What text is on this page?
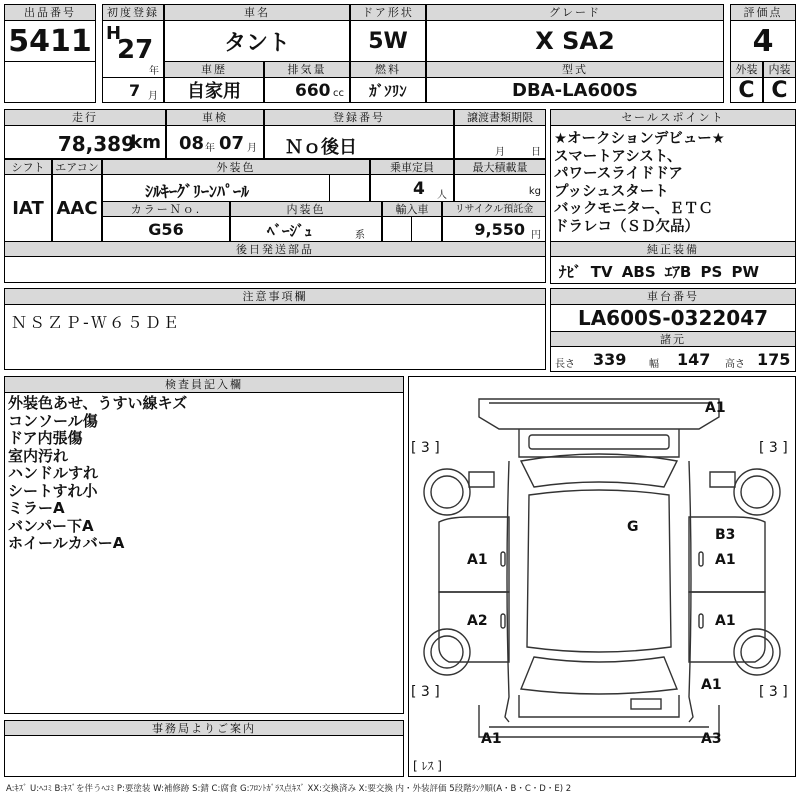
出品番号
5411
初度登録
H
27
年
7 月
車名
タント
ドア形状
5W
グレード
X SA2
評価点
4
外装	内装
C C
車歴
自家用
排気量
660 cc
燃料
ｶﾞｿﾘﾝ
型式
DBA-LA600S
走行
78,389
km
車検
08 年 07 月
登録番号
Ｎｏ後日
譲渡書類期限
月	日
シフト
IAT
エアコン
AAC
外装色
ｼﾙｷｰｸﾞﾘｰﾝﾊﾟｰﾙ
乗車定員
4 人
最大積載量
kg
カラーＮｏ.
G56
内装色
ﾍﾞｰｼﾞｭ	系
輸入車	リサイクル預託金
9,550 円
後日発送部品
セールスポイント
★オークションデビュー★
スマートアシスト、
パワースライドドア
プッシュスタート
バックモニター、ＥＴＣ
ドラレコ（ＳＤ欠品）
純正装備
ﾅﾋﾞ TV ABS ｴｱB PS PW
注意事項欄
ＮＳＺＰ-Ｗ６５ＤＥ
車台番号
LA600S-0322047
諸元
長さ 339 幅 147 高さ 175
検査員記入欄
外装色あせ、うすい線キズ
コンソール傷
ドア内張傷
室内汚れ
ハンドルすれ
シートすれ小
ミラーA
バンパー下A
ホイールカバーA
事務局よりご案内
A1
G	B3
A1	A1
A2	A1
A1
A1	A3
[ 3 ]	[ 3 ]
[ 3 ]	[ 3 ]
[ ﾚｽ ]
A:ｷｽﾞ U:ﾍｺﾐ B:ｷｽﾞを伴うﾍｺﾐ P:要塗装 W:補修跡 S:錆 C:腐食 G:ﾌﾛﾝﾄｶﾞﾗｽ点ｷｽﾞ XX:交換済み X:要交換 内・外装評価 5段階ﾗﾝｸ順(A・B・C・D・E) 2
